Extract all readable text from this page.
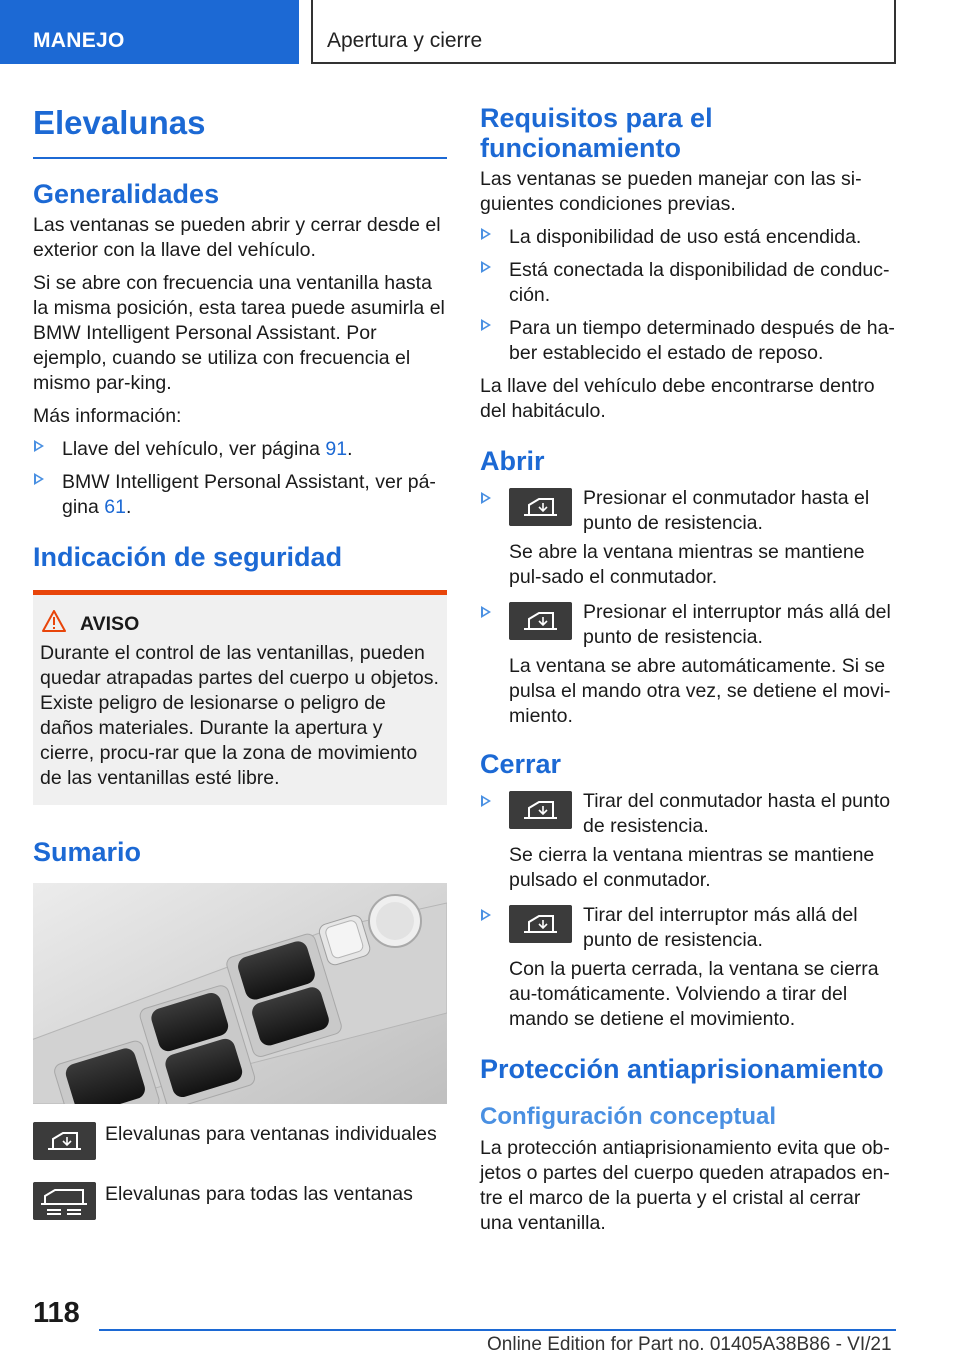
MANEJO	Apertura y cierre
Elevalunas
Generalidades

Las ventanas se pueden abrir y cerrar desde el exterior con la llave del vehículo.

Si se abre con frecuencia una ventanilla hasta la misma posición, esta tarea puede asumirla el BMW Intelligent Personal Assistant. Por ejemplo, cuando se utiliza con frecuencia el mismo par‐king.

Más información:

Llave del vehículo, ver página 91.
BMW Intelligent Personal Assistant, ver pá‐gina 61.
Indicación de seguridad
AVISO
Durante el control de las ventanillas, pueden quedar atrapadas partes del cuerpo u objetos. Existe peligro de lesionarse o peligro de daños materiales. Durante la apertura y cierre, procu‐rar que la zona de movimiento de las ventanillas esté libre.
Sumario
Elevalunas para ventanas individuales
Elevalunas para todas las ventanas
Requisitos para el funcionamiento

Las ventanas se pueden manejar con las si‐guientes condiciones previas.

La disponibilidad de uso está encendida.
Está conectada la disponibilidad de conduc‐ción.
Para un tiempo determinado después de ha‐ber establecido el estado de reposo.

La llave del vehículo debe encontrarse dentro del habitáculo.

Abrir
Presionar el conmutador hasta el punto de resistencia.

Se abre la ventana mientras se mantiene pul‐sado el conmutador.

Presionar el interruptor más allá del punto de resistencia.

La ventana se abre automáticamente. Si se pulsa el mando otra vez, se detiene el movi‐miento.

Cerrar
Tirar del conmutador hasta el punto de resistencia.

Se cierra la ventana mientras se mantiene pulsado el conmutador.

Tirar del interruptor más allá del punto de resistencia.

Con la puerta cerrada, la ventana se cierra au‐tomáticamente. Volviendo a tirar del mando se detiene el movimiento.

Protección antiaprisionamiento
Configuración conceptual

La protección antiaprisionamiento evita que ob‐jetos o partes del cuerpo queden atrapados en‐tre el marco de la puerta y el cristal al cerrar una ventanilla.

118
Online Edition for Part no. 01405A38B86 - VI/21
